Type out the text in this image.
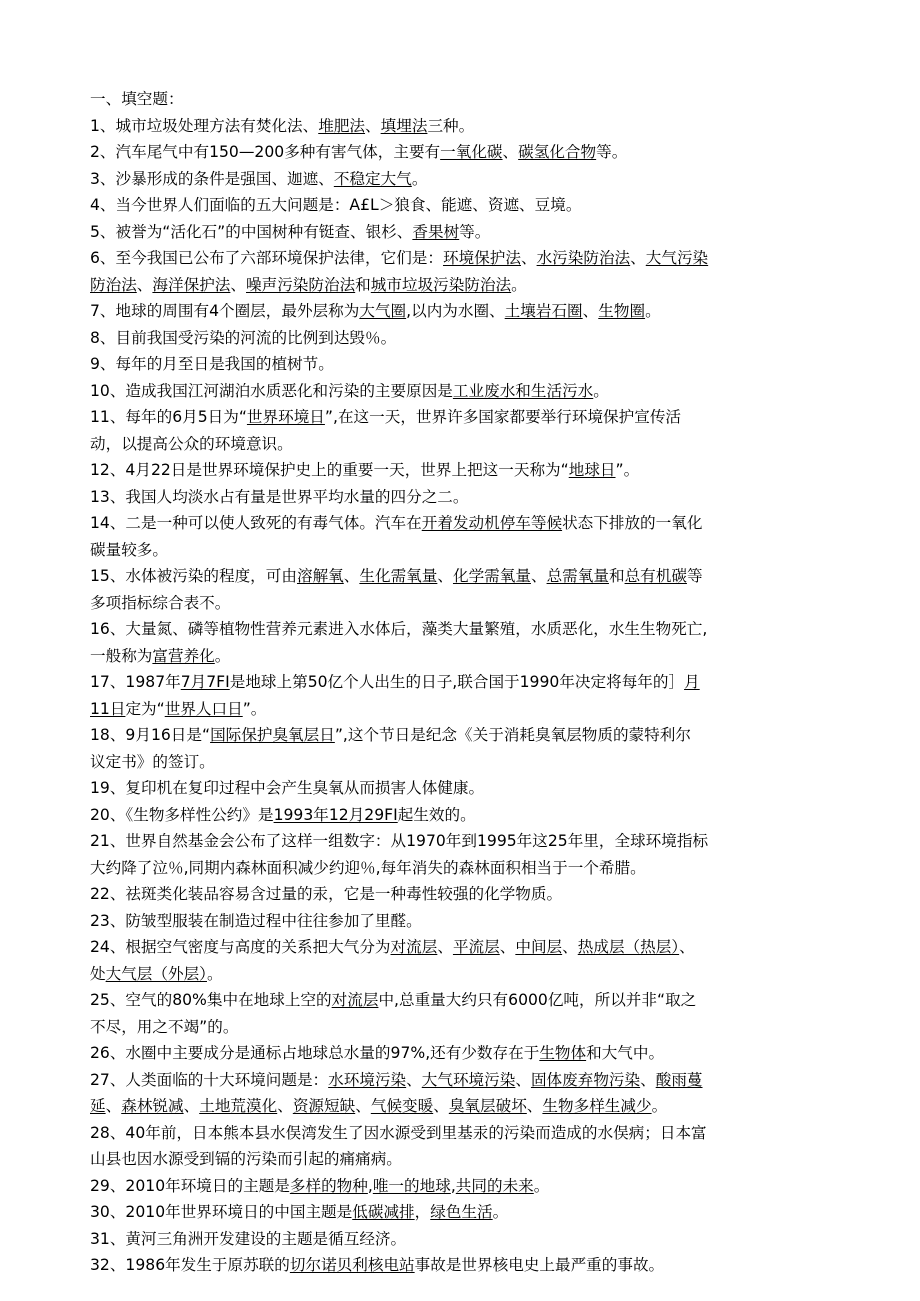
一、填空题：
1、城市垃圾处理方法有焚化法、堆肥法、填埋法三种。
2、汽车尾气中有150—200多种有害气体，主要有一氧化碳、碳氢化合物等。
3、沙暴形成的条件是强国、迦遮、不稳定大气。
4、当今世界人们面临的五大问题是：A£L＞狼食、能遮、资遮、豆境。
5、被誉为“活化石”的中国树种有铤查、银杉、香果树等。
6、至今我国已公布了六部环境保护法律，它们是：环境保护法、水污染防治法、大气污染
防治法、海洋保护法、噪声污染防治法和城市垃圾污染防治法。
7、地球的周围有4个圈层，最外层称为大气圈,以内为水圈、土壤岩石圈、生物圈。
8、目前我国受污染的河流的比例到达毁％。
9、每年的月至日是我国的植树节。
10、造成我国江河湖泊水质恶化和污染的主要原因是工业废水和生活污水。
11、每年的6月5日为“世界环境日”,在这一天，世界许多国家都要举行环境保护宣传活
动，以提高公众的环境意识。
12、4月22日是世界环境保护史上的重要一天，世界上把这一天称为“地球日”。
13、我国人均淡水占有量是世界平均水量的四分之二。
14、二是一种可以使人致死的有毒气体。汽车在开着发动机停车等候状态下排放的一氧化
碳量较多。
15、水体被污染的程度，可由溶解氧、生化需氧量、化学需氧量、总需氧量和总有机碳等
多项指标综合表不。
16、大量氮、磷等植物性营养元素进入水体后，藻类大量繁殖，水质恶化，水生生物死亡,
一般称为富营养化。
17、1987年7月7FI是地球上第50亿个人出生的日子,联合国于1990年决定将每年的］月
11日定为“世界人口日”。
18、9月16日是“国际保护臭氧层日”,这个节日是纪念《关于消耗臭氧层物质的蒙特利尔
议定书》的签订。
19、复印机在复印过程中会产生臭氧从而损害人体健康。
20、《生物多样性公约》是1993年12月29FI起生效的。
21、世界自然基金会公布了这样一组数字：从1970年到1995年这25年里，全球环境指标
大约降了泣％,同期内森林面积减少约迎％,每年消失的森林面积相当于一个希腊。
22、祛斑类化装品容易含过量的汞，它是一种毒性较强的化学物质。
23、防皱型服装在制造过程中往往参加了里醛。
24、根据空气密度与高度的关系把大气分为对流层、平流层、中间层、热成层（热层）、
处大气层（外层）。
25、空气的80%集中在地球上空的对流层中,总重量大约只有6000亿吨，所以并非“取之
不尽，用之不竭”的。
26、水圈中主要成分是通标占地球总水量的97%,还有少数存在于生物体和大气中。
27、人类面临的十大环境问题是：水环境污染、大气环境污染、固体废弃物污染、酸雨蔓
延、森林锐减、土地荒漠化、资源短缺、气候变暖、臭氧层破坏、生物多样生减少。
28、40年前，日本熊本县水俣湾发生了因水源受到里基汞的污染而造成的水俣病；日本富
山县也因水源受到镉的污染而引起的痛痛病。
29、2010年环境日的主题是多样的物种,唯一的地球,共同的未来。
30、2010年世界环境日的中国主题是低碳减排，绿色生活。
31、黄河三角洲开发建设的主题是循互经济。
32、1986年发生于原苏联的切尔诺贝利核电站事故是世界核电史上最严重的事故。
